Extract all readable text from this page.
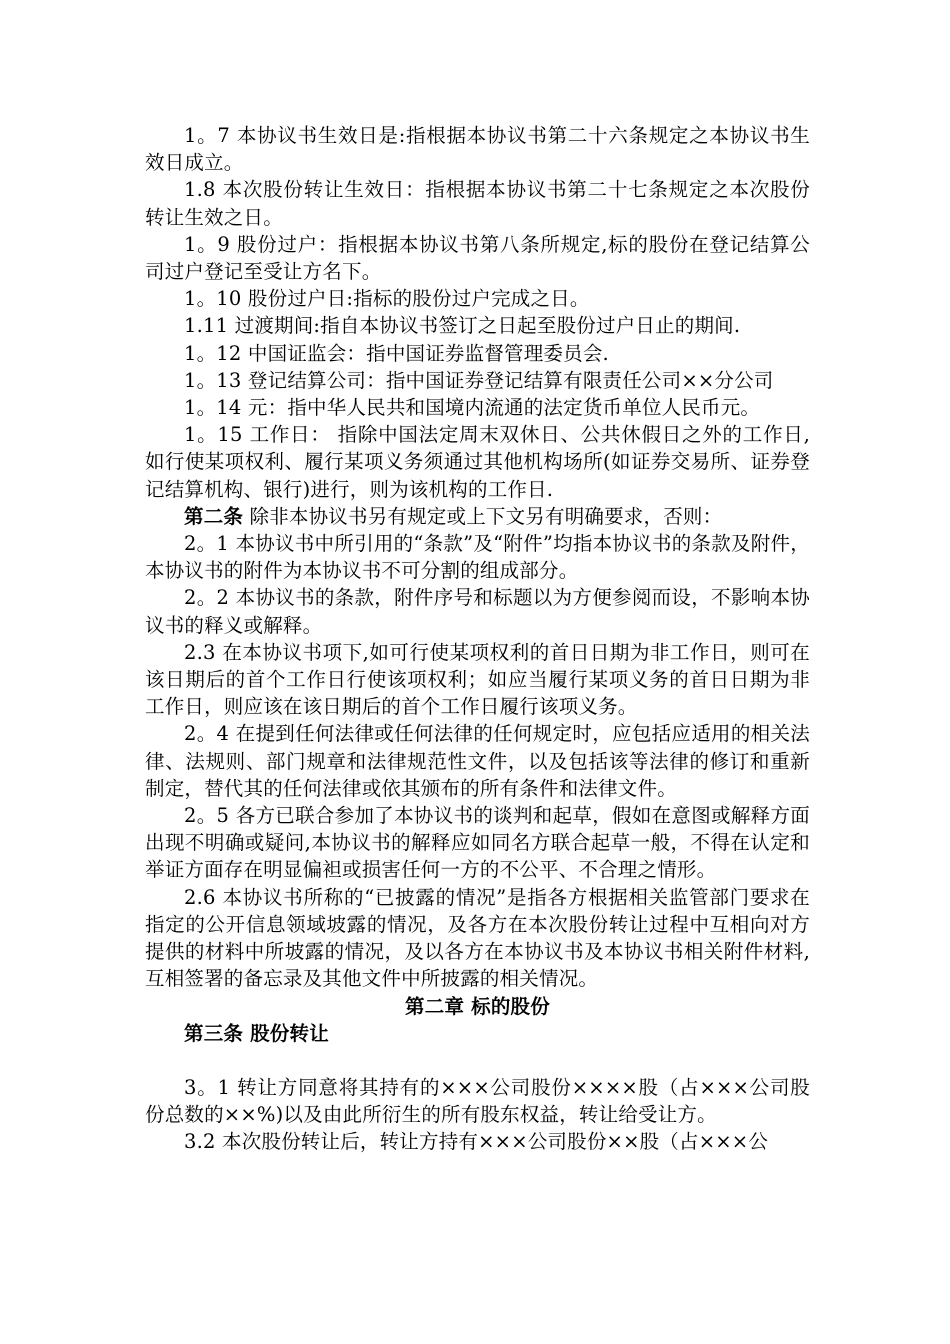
1。7 本协议书生效日是:指根据本协议书第二十六条规定之本协议书生效日成立。

1.8 本次股份转让生效日：指根据本协议书第二十七条规定之本次股份转让生效之日。

1。9 股份过户：指根据本协议书第八条所规定,标的股份在登记结算公司过户登记至受让方名下。

1。10 股份过户日:指标的股份过户完成之日。

1.11 过渡期间:指自本协议书签订之日起至股份过户日止的期间.

1。12 中国证监会：指中国证券监督管理委员会.

1。13 登记结算公司：指中国证券登记结算有限责任公司××分公司

1。14 元：指中华人民共和国境内流通的法定货币单位人民币元。

1。15 工作日： 指除中国法定周末双休日、公共休假日之外的工作日,如行使某项权利、履行某项义务须通过其他机构场所(如证券交易所、证券登记结算机构、银行)进行，则为该机构的工作日.

第二条 除非本协议书另有规定或上下文另有明确要求，否则：

2。1 本协议书中所引用的“条款”及“附件”均指本协议书的条款及附件，本协议书的附件为本协议书不可分割的组成部分。

2。2 本协议书的条款，附件序号和标题以为方便参阅而设，不影响本协议书的释义或解释。

2.3 在本协议书项下,如可行使某项权利的首日日期为非工作日，则可在该日期后的首个工作日行使该项权利；如应当履行某项义务的首日日期为非工作日，则应该在该日期后的首个工作日履行该项义务。

2。4 在提到任何法律或任何法律的任何规定时，应包括应适用的相关法律、法规则、部门规章和法律规范性文件，以及包括该等法律的修订和重新制定，替代其的任何法律或依其颁布的所有条件和法律文件。

2。5 各方已联合参加了本协议书的谈判和起草，假如在意图或解释方面出现不明确或疑问,本协议书的解释应如同名方联合起草一般，不得在认定和举证方面存在明显偏袒或损害任何一方的不公平、不合理之情形。

2.6 本协议书所称的“已披露的情况”是指各方根据相关监管部门要求在指定的公开信息领域坡露的情况，及各方在本次股份转让过程中互相向对方提供的材料中所坡露的情况，及以各方在本协议书及本协议书相关附件材料,互相签署的备忘录及其他文件中所披露的相关情况。

第二章 标的股份

第三条 股份转让

3。1 转让方同意将其持有的×××公司股份××××股（占×××公司股份总数的××%)以及由此所衍生的所有股东权益，转让给受让方。

3.2 本次股份转让后，转让方持有×××公司股份××股（占×××公
